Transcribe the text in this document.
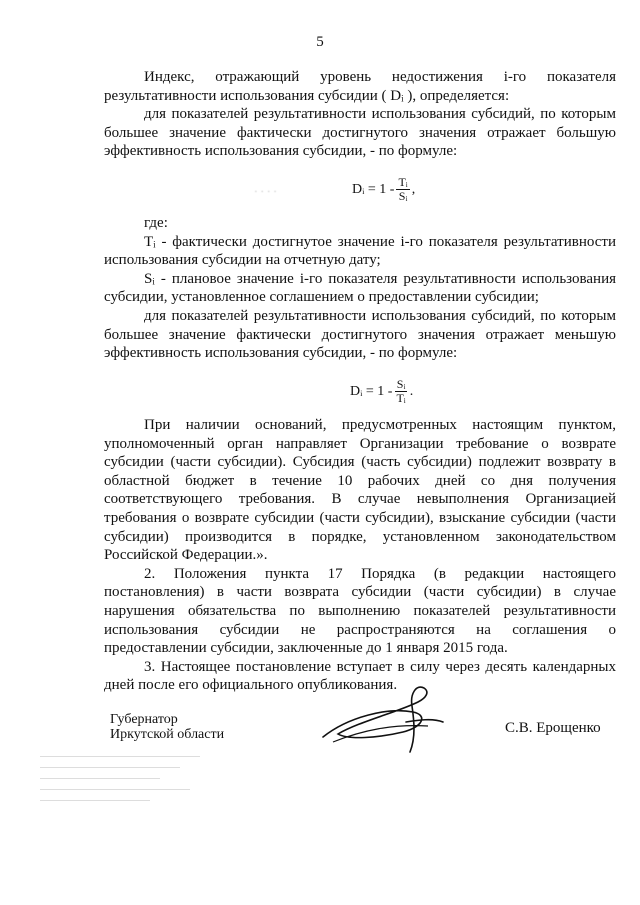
5

Индекс, отражающий уровень недостижения i-го показателя результативности использования субсидии ( Dᵢ ), определяется:

для показателей результативности использования субсидий, по которым большее значение фактически достигнутого значения отражает большую эффективность использования субсидии, - по формуле:

Dᵢ = $1 - \frac{\text{Tᵢ}}{\text{Sᵢ}}$ ,
· · · ·

где:

Tᵢ - фактически достигнутое значение i-го показателя результативности использования субсидии на отчетную дату;

Sᵢ - плановое значение i-го показателя результативности использования субсидии, установленное соглашением о предоставлении субсидии;

для показателей результативности использования субсидий, по которым большее значение фактически достигнутого значения отражает меньшую эффективность использования субсидии, - по формуле:

Dᵢ = $1 - \frac{\text{Sᵢ}}{\text{Tᵢ}}$ .

При наличии оснований, предусмотренных настоящим пунктом, уполномоченный орган направляет Организации требование о возврате субсидии (части субсидии). Субсидия (часть субсидии) подлежит возврату в областной бюджет в течение 10 рабочих дней со дня получения соответствующего требования. В случае невыполнения Организацией требования о возврате субсидии (части субсидии), взыскание субсидии (части субсидии) производится в порядке, установленном законодательством Российской Федерации.».

2. Положения пункта 17 Порядка (в редакции настоящего постановления) в части возврата субсидии (части субсидии) в случае нарушения обязательства по выполнению показателей результативности использования субсидии не распространяются на соглашения о предоставлении субсидии, заключенные до 1 января 2015 года.

3. Настоящее постановление вступает в силу через десять календарных дней после его официального опубликования.

Губернатор
Иркутской области	С.В. Ерощенко
